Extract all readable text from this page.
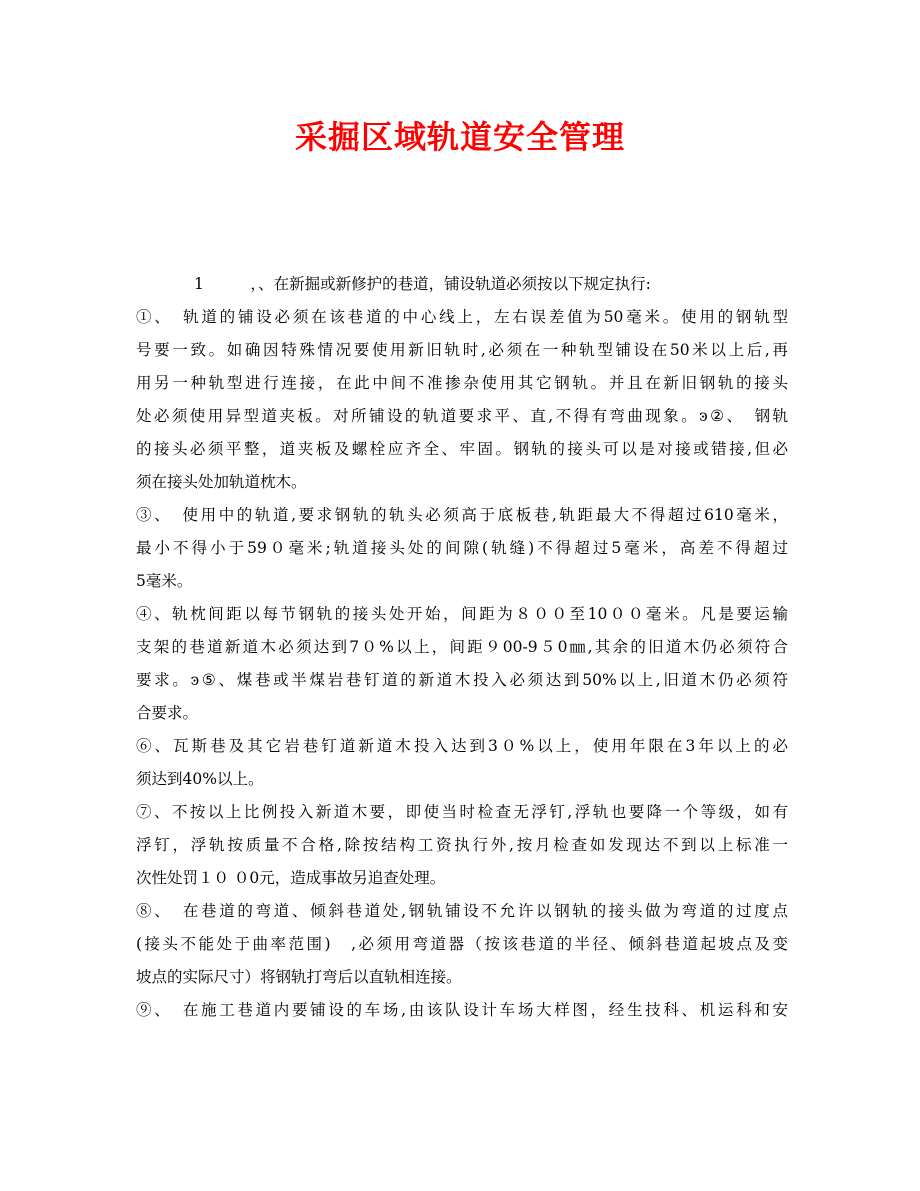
采掘区域轨道安全管理
1　　　，、在新掘或新修护的巷道，铺设轨道必须按以下规定执行:
①、　轨道的铺设必须在该巷道的中心线上，左右误差值为50毫米。使用的钢轨型
号要一致。如确因特殊情况要使用新旧轨时,必须在一种轨型铺设在50米以上后,再
用另一种轨型进行连接，在此中间不准掺杂使用其它钢轨。并且在新旧钢轨的接头
处必须使用异型道夹板。对所铺设的轨道要求平、直,不得有弯曲现象。ͽ②、　钢轨
的接头必须平整，道夹板及螺栓应齐全、牢固。钢轨的接头可以是对接或错接,但必
须在接头处加轨道枕木。
③、　使用中的轨道,要求钢轨的轨头必须高于底板巷,轨距最大不得超过610毫米，
最小不得小于59０毫米;轨道接头处的间隙(轨缝)不得超过5毫米，高差不得超过
5毫米。
④、轨枕间距以每节钢轨的接头处开始，间距为８００至10００毫米。凡是要运输
支架的巷道新道木必须达到7０%以上，间距９00-9５0㎜,其余的旧道木仍必须符合
要求。ͽ⑤、煤巷或半煤岩巷钉道的新道木投入必须达到50%以上,旧道木仍必须符
合要求。
⑥、瓦斯巷及其它岩巷钉道新道木投入达到3０%以上，使用年限在3年以上的必
须达到40%以上。
⑦、不按以上比例投入新道木要，即使当时检查无浮钉,浮轨也要降一个等级，如有
浮钉，浮轨按质量不合格,除按结构工资执行外,按月检查如发现达不到以上标准一
次性处罚１０ ０0元，造成事故另追查处理。
⑧、　在巷道的弯道、倾斜巷道处,钢轨铺设不允许以钢轨的接头做为弯道的过度点
(接头不能处于曲率范围)　,必须用弯道器（按该巷道的半径、倾斜巷道起坡点及变
坡点的实际尺寸）将钢轨打弯后以直轨相连接。
⑨、　在施工巷道内要铺设的车场,由该队设计车场大样图，经生技科、机运科和安
